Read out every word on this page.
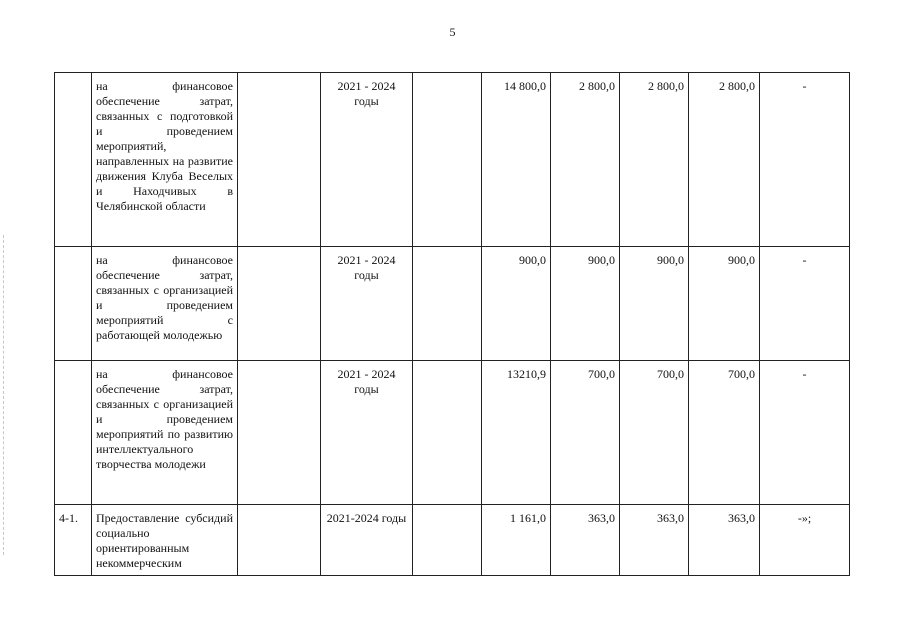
5
	на финансовое обеспечение затрат, связанных с подготовкой и проведением мероприятий, направленных на развитие движения Клуба Веселых и Находчивых в
Челябинской области		2021 - 2024 годы		14 800,0	2 800,0	2 800,0	2 800,0	-
	на финансовое обеспечение затрат, связанных с организацией и проведением мероприятий с
работающей молодежью		2021 - 2024 годы		900,0	900,0	900,0	900,0	-
	на финансовое обеспечение затрат, связанных с организацией и проведением мероприятий по развитию
интеллектуального творчества молодежи		2021 - 2024 годы		13210,9	700,0	700,0	700,0	-
4-1.	Предоставление субсидий социально
ориентированным некоммерческим		2021-2024 годы		1 161,0	363,0	363,0	363,0	-»;
